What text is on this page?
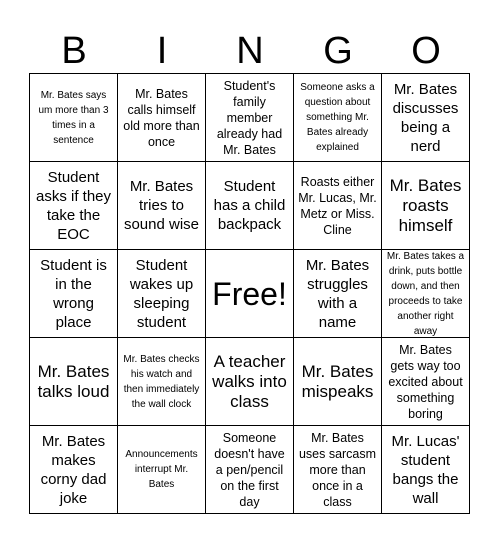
B	I	N	G	O
Mr. Bates says um more than 3 times in a sentence
Mr. Bates calls himself old more than once
Student's family member already had Mr. Bates
Someone asks a question about something Mr. Bates already explained
Mr. Bates discusses being a nerd
Student asks if they take the EOC
Mr. Bates tries to sound wise
Student has a child backpack
Roasts either Mr. Lucas, Mr. Metz or Miss. Cline
Mr. Bates roasts himself
Student is in the wrong place
Student wakes up sleeping student
Free!
Mr. Bates struggles with a name
Mr. Bates takes a drink, puts bottle down, and then proceeds to take another right away
Mr. Bates talks loud
Mr. Bates checks his watch and then immediately the wall clock
A teacher walks into class
Mr. Bates mispeaks
Mr. Bates gets way too excited about something boring
Mr. Bates makes corny dad joke
Announcements interrupt Mr. Bates
Someone doesn't have a pen/pencil on the first day
Mr. Bates uses sarcasm more than once in a class
Mr. Lucas' student bangs the wall
